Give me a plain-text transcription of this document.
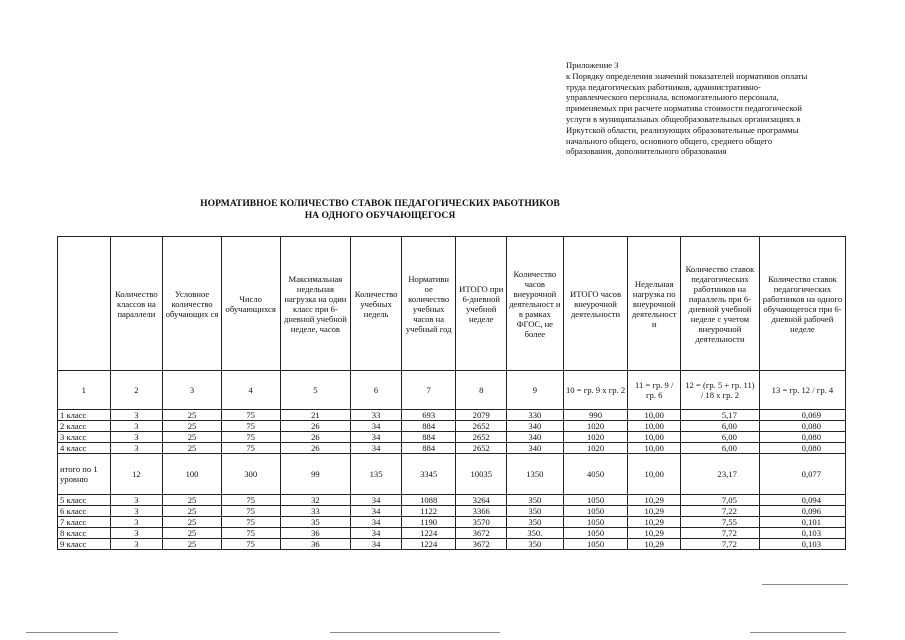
Приложение 3
к Порядку определения значений показателей нормативов оплаты
труда педагогических работников, административно-
управленческого персонала, вспомогательного персонала,
применяемых при расчете норматива стоимости педагогической
услуги в муниципальных общеобразовательных организациях в
Иркутской области, реализующих образовательные программы
начального общего, основного общего, среднего общего
образования, дополнительного образования
НОРМАТИВНОЕ КОЛИЧЕСТВО СТАВОК ПЕДАГОГИЧЕСКИХ РАБОТНИКОВ
НА ОДНОГО ОБУЧАЮЩЕГОСЯ
	Количество классов на параллели	Условное количество обучающих ся	Число обучающихся	Максимальная недельная нагрузка на один класс при 6-дневной учебной неделе, часов	Количество учебных недель	Нормативн ое количество учебных часов на учебный год	ИТОГО при 6-дневной учебной неделе	Количество часов внеурочной деятельност и в рамках ФГОС, не более	ИТОГО часов внеурочной деятельности	Недельная нагрузка по внеурочной деятельност и	Количество ставок педагогических работников на параллель при 6-дневной учебной неделе с учетом внеурочной деятельности	Количество ставок педагогических работников на одного обучающегося при 6-дневной рабочей неделе
1	2	3	4	5	6	7	8	9	10 = гр. 9 х гр. 2	11 = гр. 9 / гр. 6	12 = (гр. 5 + гр. 11) / 18 х гр. 2	13 = гр. 12 / гр. 4
1 класс	3	25	75	21	33	693	2079	330	990	10,00	5,17	0,069
2 класс	3	25	75	26	34	884	2652	340	1020	10,00	6,00	0,080
3 класс	3	25	75	26	34	884	2652	340	1020	10,00	6,00	0,080
4 класс	3	25	75	26	34	884	2652	340	1020	10,00	6,00	0,080
итого по 1 уровню	12	100	300	99	135	3345	10035	1350	4050	10,00	23,17	0,077
5 класс	3	25	75	32	34	1088	3264	350	1050	10,29	7,05	0,094
6 класс	3	25	75	33	34	1122	3366	350	1050	10,29	7,22	0,096
7 класс	3	25	75	35	34	1190	3570	350	1050	10,29	7,55	0,101
8 класс	3	25	75	36	34	1224	3672	350.	1050	10,29	7,72	0,103
9 класс	3	25	75	36	34	1224	3672	350	1050	10,29	7,72	0,103
